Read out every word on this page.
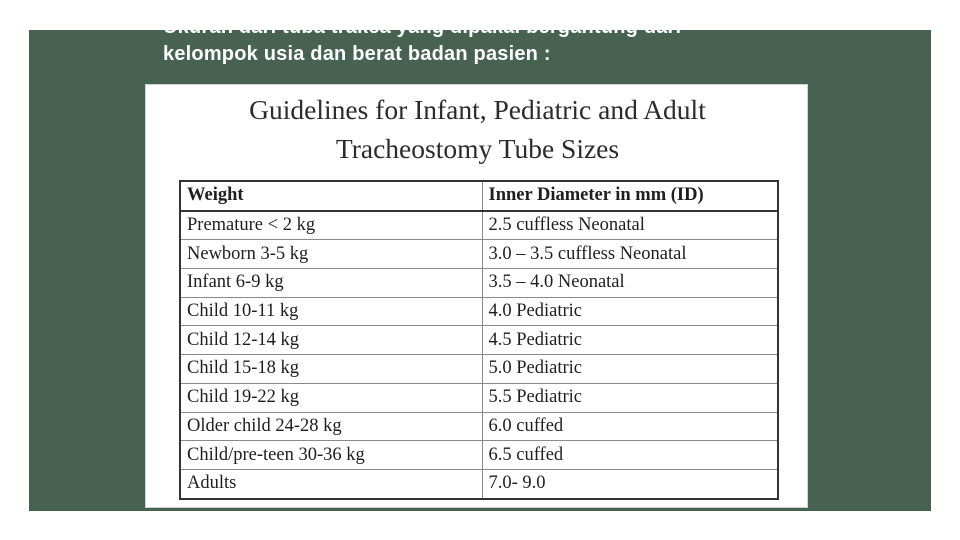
Ukuran dari tuba trakea yang dipakai bergantung dari
kelompok usia dan berat badan pasien :
Guidelines for Infant, Pediatric and Adult
Tracheostomy Tube Sizes
Weight	Inner Diameter in mm (ID)
Premature < 2 kg	2.5 cuffless Neonatal
Newborn 3-5 kg	3.0 – 3.5 cuffless Neonatal
Infant 6-9 kg	3.5 – 4.0 Neonatal
Child 10-11 kg	4.0 Pediatric
Child 12-14 kg	4.5 Pediatric
Child 15-18 kg	5.0 Pediatric
Child 19-22 kg	5.5 Pediatric
Older child 24-28 kg	6.0 cuffed
Child/pre-teen 30-36 kg	6.5 cuffed
Adults	7.0- 9.0
